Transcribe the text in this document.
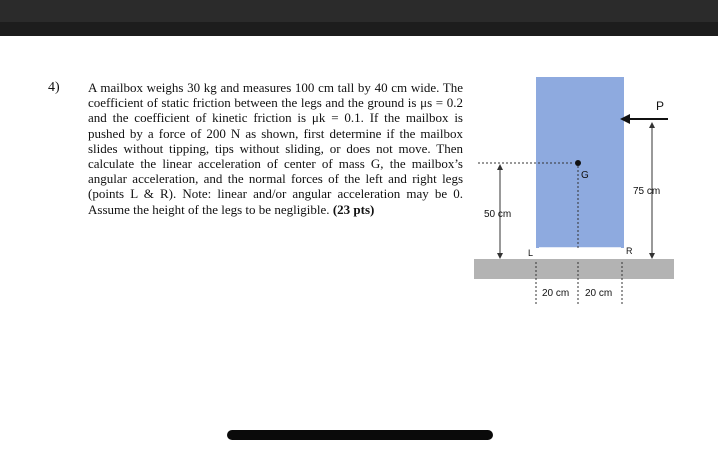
4) A mailbox weighs 30 kg and measures 100 cm tall by 40 cm wide. The coefficient of static friction between the legs and the ground is μs = 0.2 and the coefficient of kinetic friction is μk = 0.1. If the mailbox is pushed by a force of 200 N as shown, first determine if the mailbox slides without tipping, tips without sliding, or does not move. Then calculate the linear acceleration of center of mass G, the mailbox’s angular acceleration, and the normal forces of the left and right legs (points L & R). Note: linear and/or angular acceleration may be 0. Assume the height of the legs to be negligible. (23 pts)
G
50 cm
P
75 cm
L	R
20 cm 20 cm
